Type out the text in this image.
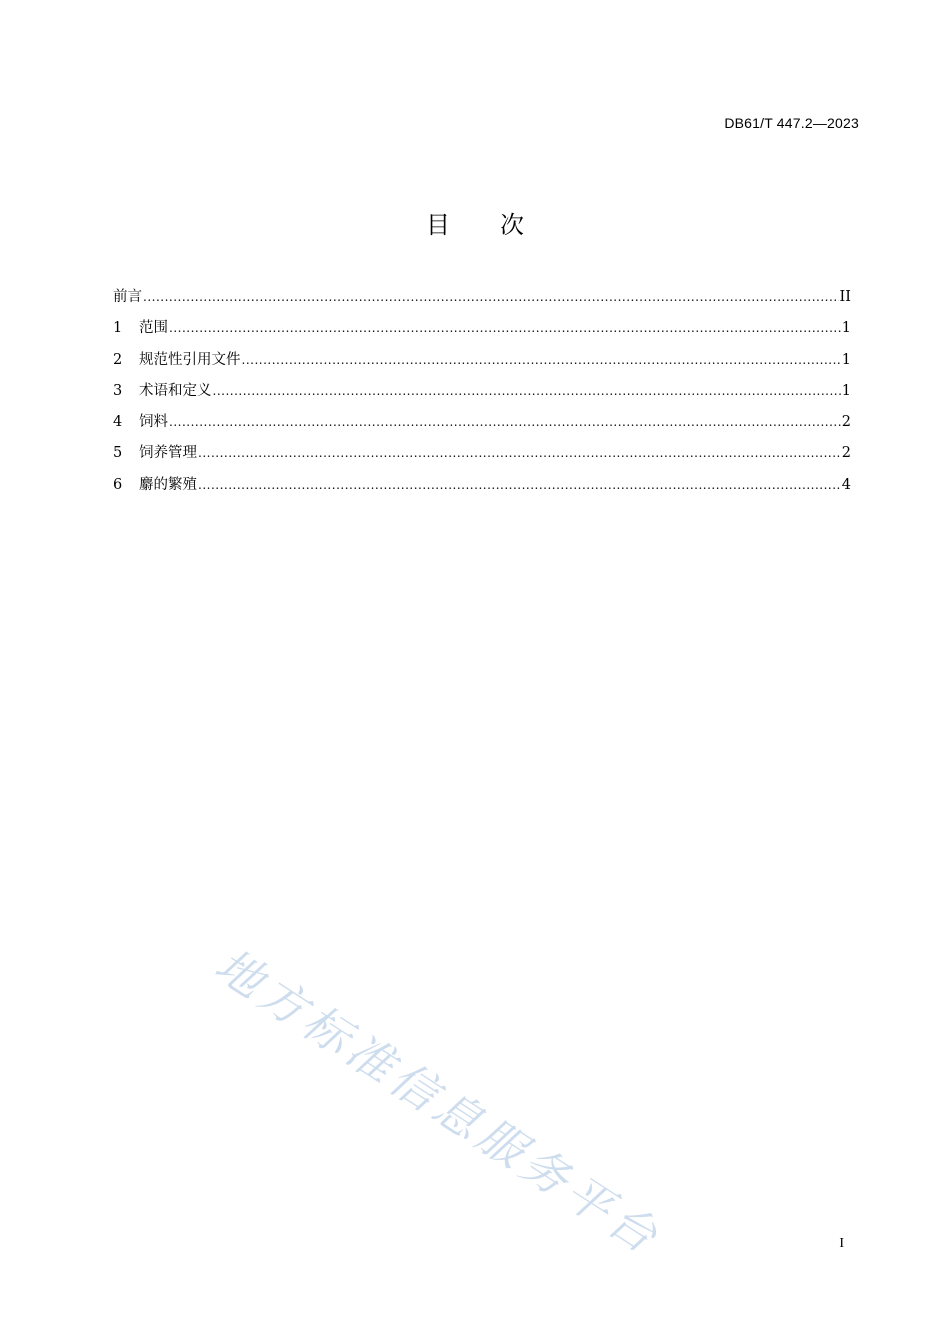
DB61/T 447.2—2023
目 次
前言 .....	II
1	范围 .....	1
2	规范性引用文件 .....	1
3	术语和定义 .....	1
4	饲料 .....	2
5	饲养管理 .....	2
6	麝的繁殖 .....	4
地方标准信息服务平台	I
